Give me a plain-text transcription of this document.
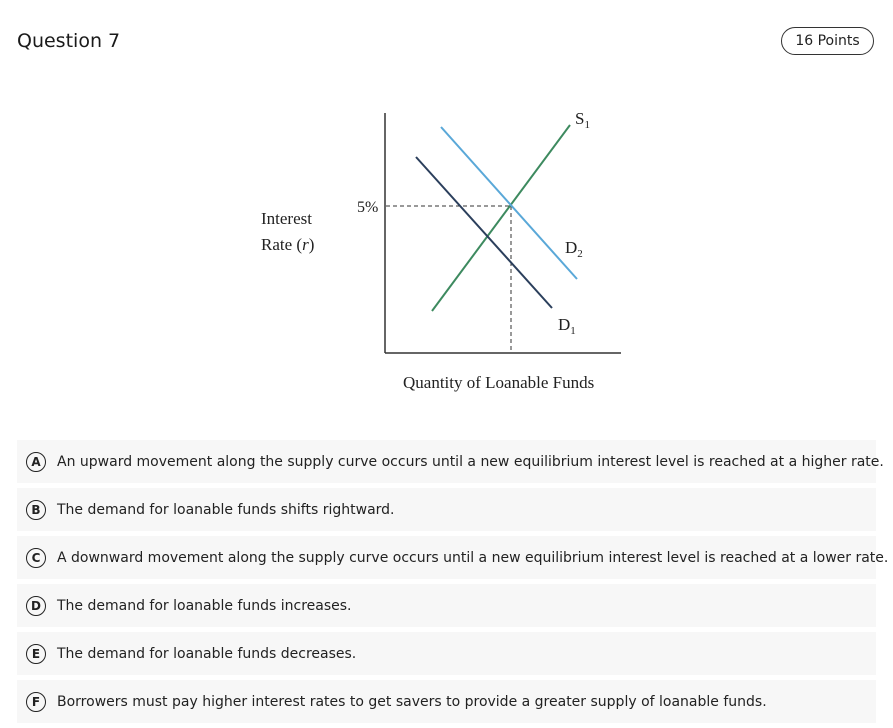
Question 7	16 Points
Interest
Rate (r)
5%
Quantity of Loanable Funds
$S_1$
$D_2$
$D_1$
A	An upward movement along the supply curve occurs until a new equilibrium interest level is reached at a higher rate.
B	The demand for loanable funds shifts rightward.
C	A downward movement along the supply curve occurs until a new equilibrium interest level is reached at a lower rate.
D	The demand for loanable funds increases.
E	The demand for loanable funds decreases.
F	Borrowers must pay higher interest rates to get savers to provide a greater supply of loanable funds.
